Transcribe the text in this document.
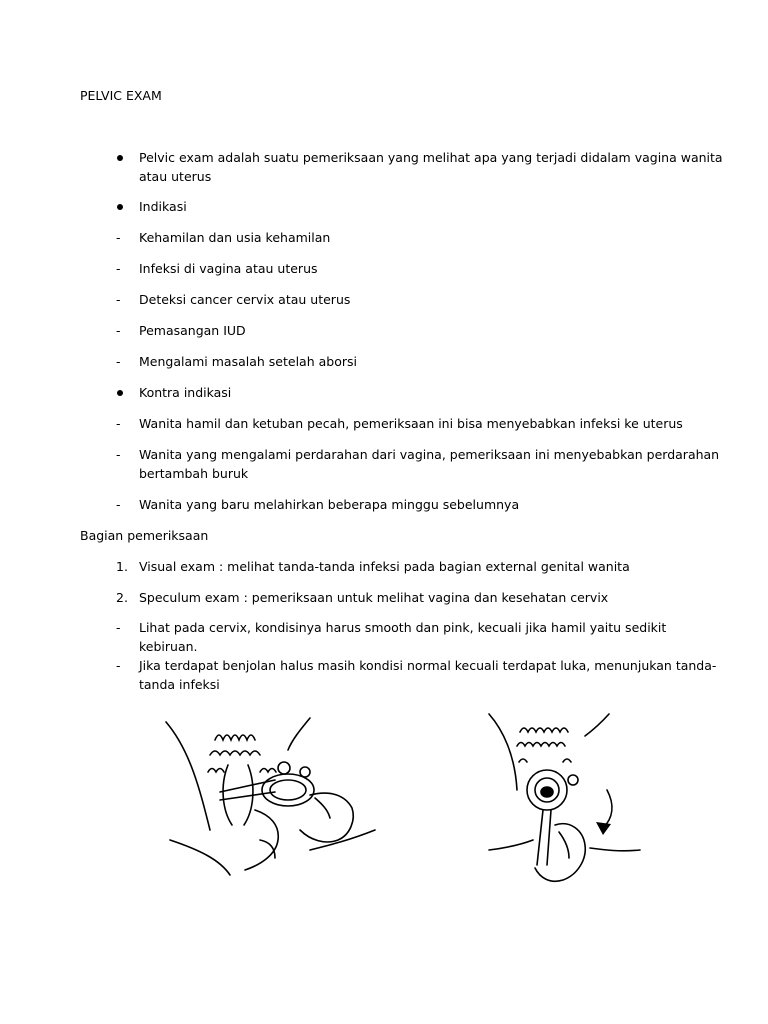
PELVIC EXAM
Pelvic exam adalah suatu pemeriksaan yang melihat apa yang terjadi didalam vagina wanita
atau uterus
Indikasi
- Kehamilan dan usia kehamilan
- Infeksi di vagina atau uterus
- Deteksi cancer cervix atau uterus
- Pemasangan IUD
- Mengalami masalah setelah aborsi
Kontra indikasi
- Wanita hamil dan ketuban pecah, pemeriksaan ini bisa menyebabkan infeksi ke uterus
- Wanita yang mengalami perdarahan dari vagina, pemeriksaan ini menyebabkan perdarahan
bertambah buruk
- Wanita yang baru melahirkan beberapa minggu sebelumnya
Bagian pemeriksaan
1. Visual exam : melihat tanda-tanda infeksi pada bagian external genital wanita
2. Speculum exam : pemeriksaan untuk melihat vagina dan kesehatan cervix
- Lihat pada cervix, kondisinya harus smooth dan pink, kecuali jika hamil yaitu sedikit
kebiruan.
- Jika terdapat benjolan halus masih kondisi normal kecuali terdapat luka, menunjukan tanda-
tanda infeksi
